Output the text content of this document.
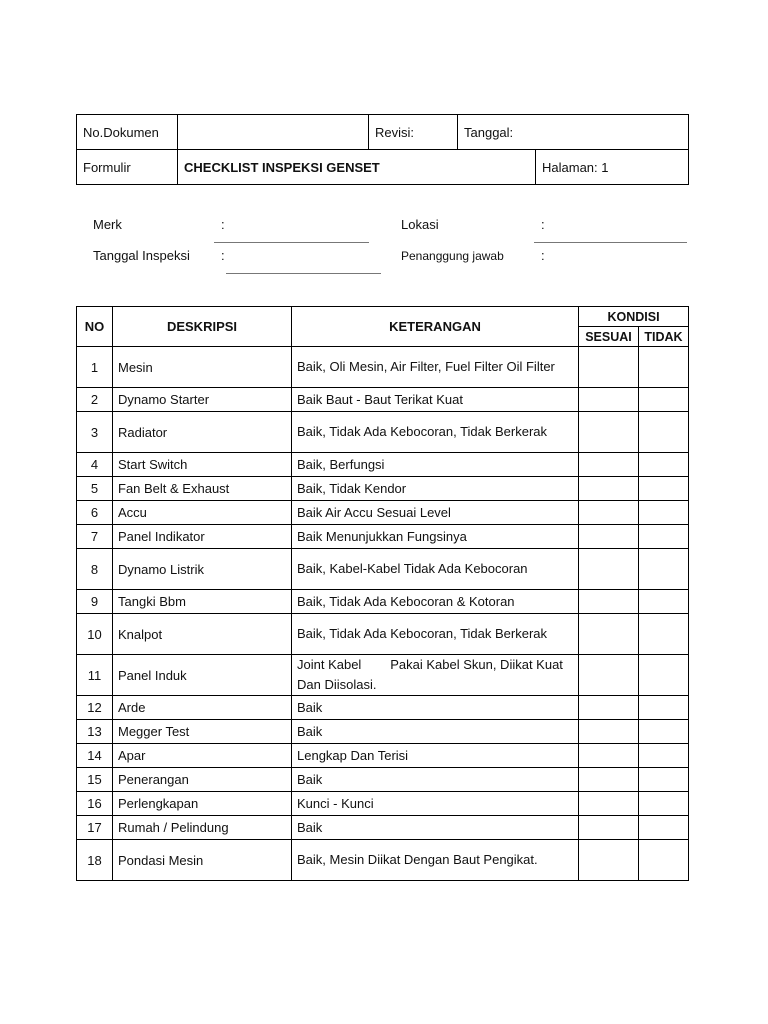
No.Dokumen		Revisi:	Tanggal:	
Formulir	CHECKLIST INSPEKSI GENSET			Halaman: 1
Merk	:	Lokasi	:
Tanggal Inspeksi :	Penanggung jawab	:
NO	DESKRIPSI	KETERANGAN	KONDISI	
			SESUAI	TIDAK
1	Mesin	Baik, Oli Mesin, Air Filter, Fuel Filter Oil Filter		
2	Dynamo Starter	Baik Baut - Baut Terikat Kuat		
3	Radiator	Baik, Tidak Ada Kebocoran, Tidak Berkerak		
4	Start Switch	Baik, Berfungsi		
5	Fan Belt & Exhaust	Baik, Tidak Kendor		
6	Accu	Baik Air Accu Sesuai Level		
7	Panel Indikator	Baik Menunjukkan Fungsinya		
8	Dynamo Listrik	Baik, Kabel-Kabel Tidak Ada Kebocoran		
9	Tangki Bbm	Baik, Tidak Ada Kebocoran & Kotoran		
10	Knalpot	Baik, Tidak Ada Kebocoran, Tidak Berkerak		
11	Panel Induk	Joint Kabel        Pakai Kabel Skun, Diikat Kuat Dan Diisolasi.		
12	Arde	Baik		
13	Megger Test	Baik		
14	Apar	Lengkap Dan Terisi		
15	Penerangan	Baik		
16	Perlengkapan	Kunci - Kunci		
17	Rumah / Pelindung	Baik		
18	Pondasi Mesin	Baik, Mesin Diikat Dengan Baut Pengikat.		
